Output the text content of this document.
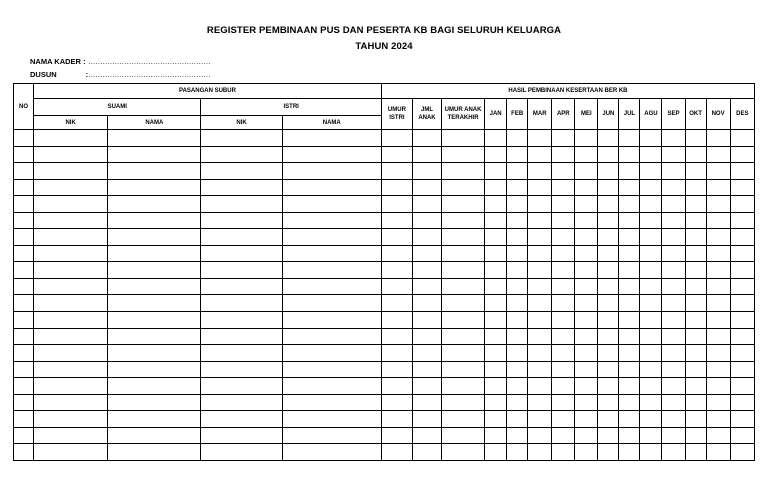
REGISTER PEMBINAAN PUS DAN PESERTA KB BAGI SELURUH KELUARGA
TAHUN 2024
NAMA KADER : ……………………………………………
DUSUN	:……………………………………………
NO	PASANGAN SUBUR				HASIL PEMBINAAN KESERTAAN BER KB														
	SUAMI		ISTRI		UMUR ISTRI	JML ANAK	UMUR ANAK TERAKHIR	JAN	FEB	MAR	APR	MEI	JUN	JUL	AGU	SEP	OKT	NOV	DES
	NIK	NAMA	NIK	NAMA															
